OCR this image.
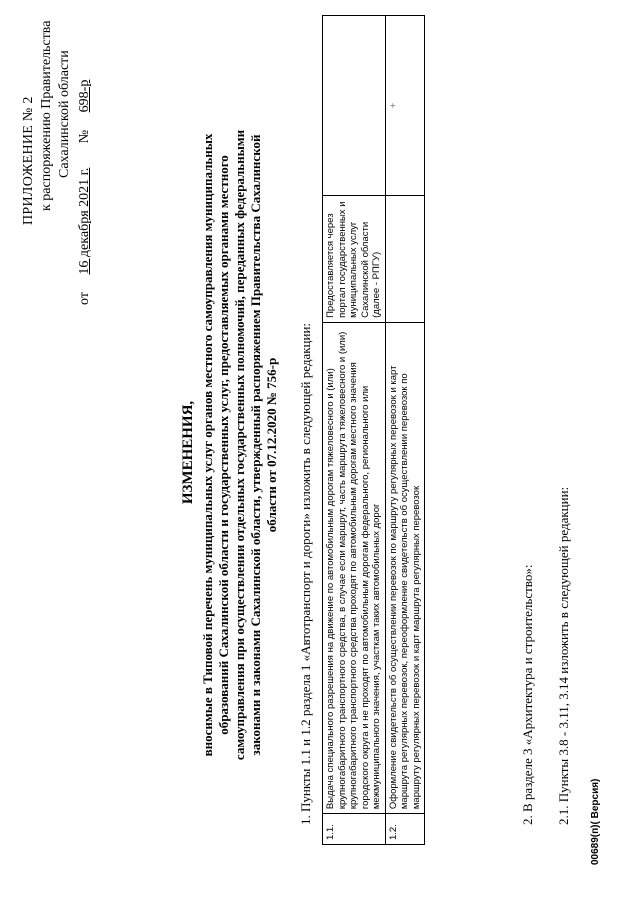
ПРИЛОЖЕНИЕ № 2 к распоряжению Правительства Сахалинской области
от     16 декабря 2021 г.       №     698-р
ИЗМЕНЕНИЯ, вносимые в Типовой перечень муниципальных услуг органов местного самоуправления муниципальных образований Сахалинской области и государственных услуг, предоставляемых органами местного самоуправления при осуществлении отдельных государственных полномочий, переданных федеральными законами и законами Сахалинской области, утвержденный распоряжением Правительства Сахалинской области от 07.12.2020 № 756-р 1. Пункты 1.1 и 1.2 раздела 1 «Автотранспорт и дороги» изложить в следующей редакции:
1.1.	Выдача специального разрешения на движение по автомобильным дорогам тяжеловесного и (или) крупногабаритного транспортного средства, в случае если маршрут, часть маршрута тяжеловесного и (или) крупногабаритного транспортного средства проходят по автомобильным дорогам местного значения городского округа и не проходят по автомобильным дорогам федерального, регионального или межмуниципального значения, участкам таких автомобильных дорог	Предоставляется через портал государственных и муниципальных услуг Сахалинской области (далее - РПГУ)	
1.2.	Оформление свидетельств об осуществлении перевозок по маршруту регулярных перевозок и карт маршрута регулярных перевозок, переоформление свидетельств об осуществлении перевозок по маршруту регулярных перевозок и карт маршрута регулярных перевозок		+
2. В разделе 3 «Архитектура и строительство»: 2.1. Пункты 3.8 - 3.11, 3.14 изложить в следующей редакции: 00689(п)( Версия)
